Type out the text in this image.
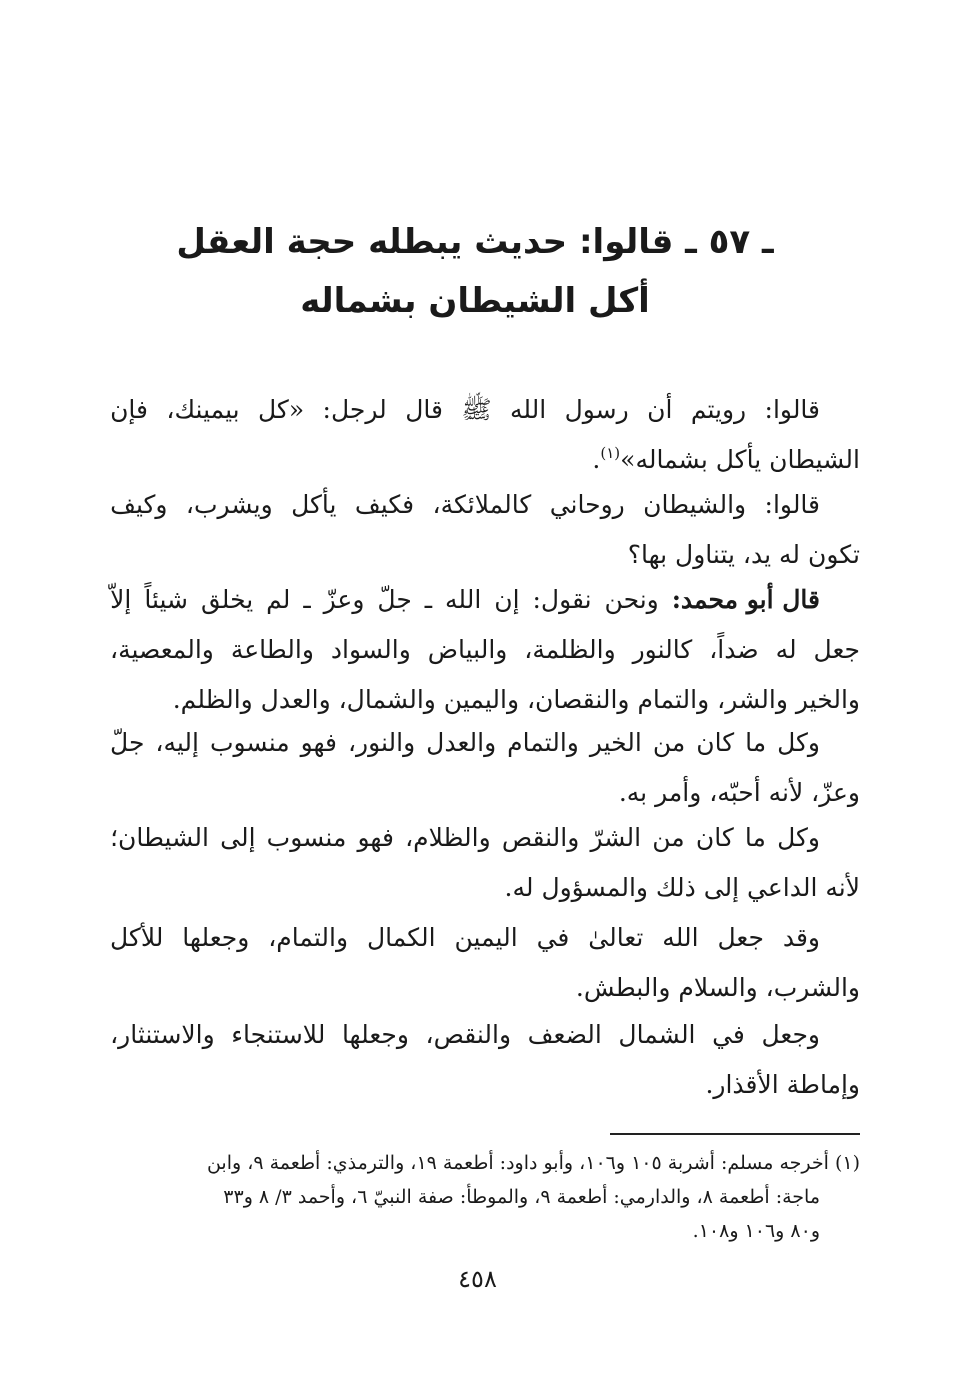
ـ ٥٧ ـ قالوا: حديث يبطله حجة العقل
أكل الشيطان بشماله
قالوا:
رويتم
أن
رسول
الله
ﷺ
قال
لرجل:
«كل
بيمينك،
فإن
الشيطان يأكل بشماله»$^{(١)}$.
قالوا:
والشيطان
روحاني
كالملائكة،
فكيف
يأكل
ويشرب،
وكيف
تكون له يد، يتناول بها؟
قال أبو محمد:
ونحن
نقول:
إن
الله
ـ
جلّ
وعزّ
ـ
لم
يخلق
شيئاً
إلاّ
جعل
له
ضداً،
كالنور
والظلمة،
والبياض
والسواد
والطاعة
والمعصية،
والخير والشر، والتمام والنقصان، واليمين والشمال، والعدل والظلم.
وكل
ما
كان
من
الخير
والتمام
والعدل
والنور،
فهو
منسوب
إليه،
جلّ
وعزّ، لأنه أحبّه، وأمر به.
وكل
ما
كان
من
الشرّ
والنقص
والظلام،
فهو
منسوب
إلى
الشيطان؛
لأنه الداعي إلى ذلك والمسؤول له.
وقد
جعل
الله
تعالىٰ
في
اليمين
الكمال
والتمام،
وجعلها
للأكل
والشرب، والسلام والبطش.
وجعل
في
الشمال
الضعف
والنقص،
وجعلها
للاستنجاء
والاستنثار،
وإماطة الأقذار.
(١) أخرجه مسلم: أشربة ١٠٥ و١٠٦، وأبو داود: أطعمة ١٩، والترمذي: أطعمة ٩، وابن
ماجة: أطعمة ٨، والدارمي: أطعمة ٩، والموطأ: صفة النبيّ ٦، وأحمد ٣/ ٨ و٣٣
و٨٠ و١٠٦ و١٠٨.
٤٥٨
